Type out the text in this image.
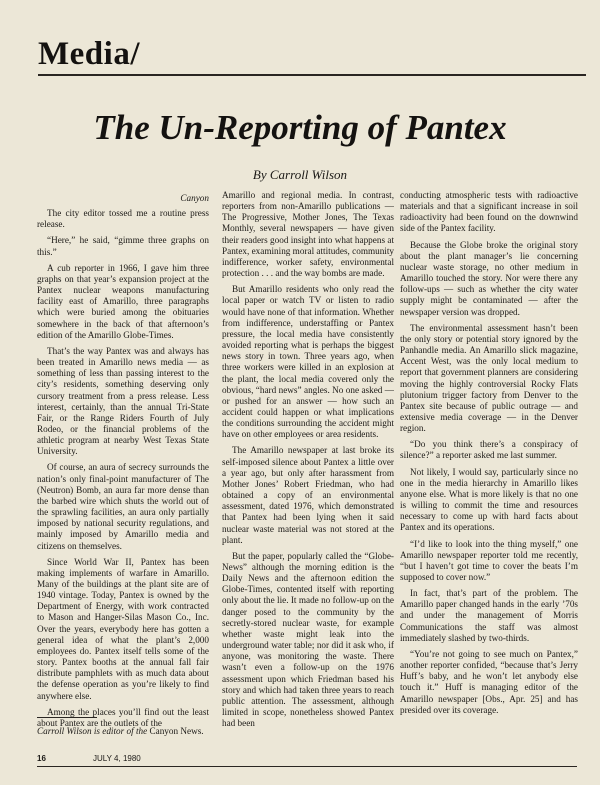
Media/
The Un-Reporting of Pantex
By Carroll Wilson
Canyon

The city editor tossed me a routine press release.

“Here,” he said, “gimme three graphs on this.”

A cub reporter in 1966, I gave him three graphs on that year’s expansion project at the Pantex nuclear weapons manufacturing facility east of Amarillo, three paragraphs which were buried among the obituaries somewhere in the back of that afternoon’s edition of the Amarillo Globe-Times.

That’s the way Pantex was and always has been treated in Amarillo news media — as something of less than passing interest to the city’s residents, something deserving only cursory treatment from a press release. Less interest, certainly, than the annual Tri-State Fair, or the Range Riders Fourth of July Rodeo, or the financial problems of the athletic program at nearby West Texas State University.

Of course, an aura of secrecy surrounds the nation’s only final-point manufacturer of The (Neutron) Bomb, an aura far more dense than the barbed wire which shuts the world out of the sprawling facilities, an aura only partially imposed by national security regulations, and mainly imposed by Amarillo media and citizens on themselves.

Since World War II, Pantex has been making implements of warfare in Amarillo. Many of the buildings at the plant site are of 1940 vintage. Today, Pantex is owned by the Department of Energy, with work contracted to Mason and Hanger-Silas Mason Co., Inc. Over the years, everybody here has gotten a general idea of what the plant’s 2,000 employees do. Pantex itself tells some of the story. Pantex booths at the annual fall fair distribute pamphlets with as much data about the defense operation as you’re likely to find anywhere else.

Among the places you’ll find out the least about Pantex are the outlets of the

Amarillo and regional media. In contrast, reporters from non-Amarillo publications — The Progressive, Mother Jones, The Texas Monthly, several newspapers — have given their readers good insight into what happens at Pantex, examining moral attitudes, community indifference, worker safety, environmental protection . . . and the way bombs are made.

But Amarillo residents who only read the local paper or watch TV or listen to radio would have none of that information. Whether from indifference, understaffing or Pantex pressure, the local media have consistently avoided reporting what is perhaps the biggest news story in town. Three years ago, when three workers were killed in an explosion at the plant, the local media covered only the obvious, “hard news” angles. No one asked — or pushed for an answer — how such an accident could happen or what implications the conditions surrounding the accident might have on other employees or area residents.

The Amarillo newspaper at last broke its self-imposed silence about Pantex a little over a year ago, but only after harassment from Mother Jones’ Robert Friedman, who had obtained a copy of an environmental assessment, dated 1976, which demonstrated that Pantex had been lying when it said nuclear waste material was not stored at the plant.

But the paper, popularly called the “Globe-News” although the morning edition is the Daily News and the afternoon edition the Globe-Times, contented itself with reporting only about the lie. It made no follow-up on the danger posed to the community by the secretly-stored nuclear waste, for example whether waste might leak into the underground water table; nor did it ask who, if anyone, was monitoring the waste. There wasn’t even a follow-up on the 1976 assessment upon which Friedman based his story and which had taken three years to reach public attention. The assessment, although limited in scope, nonetheless showed Pantex had been

conducting atmospheric tests with radioactive materials and that a significant increase in soil radioactivity had been found on the downwind side of the Pantex facility.

Because the Globe broke the original story about the plant manager’s lie concerning nuclear waste storage, no other medium in Amarillo touched the story. Nor were there any follow-ups — such as whether the city water supply might be contaminated — after the newspaper version was dropped.

The environmental assessment hasn’t been the only story or potential story ignored by the Panhandle media. An Amarillo slick magazine, Accent West, was the only local medium to report that government planners are considering moving the highly controversial Rocky Flats plutonium trigger factory from Denver to the Pantex site because of public outrage — and extensive media coverage — in the Denver region.

“Do you think there’s a conspiracy of silence?” a reporter asked me last summer.

Not likely, I would say, particularly since no one in the media hierarchy in Amarillo likes anyone else. What is more likely is that no one is willing to commit the time and resources necessary to come up with hard facts about Pantex and its operations.

“I’d like to look into the thing myself,” one Amarillo newspaper reporter told me recently, “but I haven’t got time to cover the beats I’m supposed to cover now.”

In fact, that’s part of the problem. The Amarillo paper changed hands in the early ’70s and under the management of Morris Communications the staff was almost immediately slashed by two-thirds.

“You’re not going to see much on Pantex,” another reporter confided, “because that’s Jerry Huff’s baby, and he won’t let anybody else touch it.” Huff is managing editor of the Amarillo newspaper [Obs., Apr. 25] and has presided over its coverage.

Carroll Wilson is editor of the Canyon News.
16	JULY 4, 1980
